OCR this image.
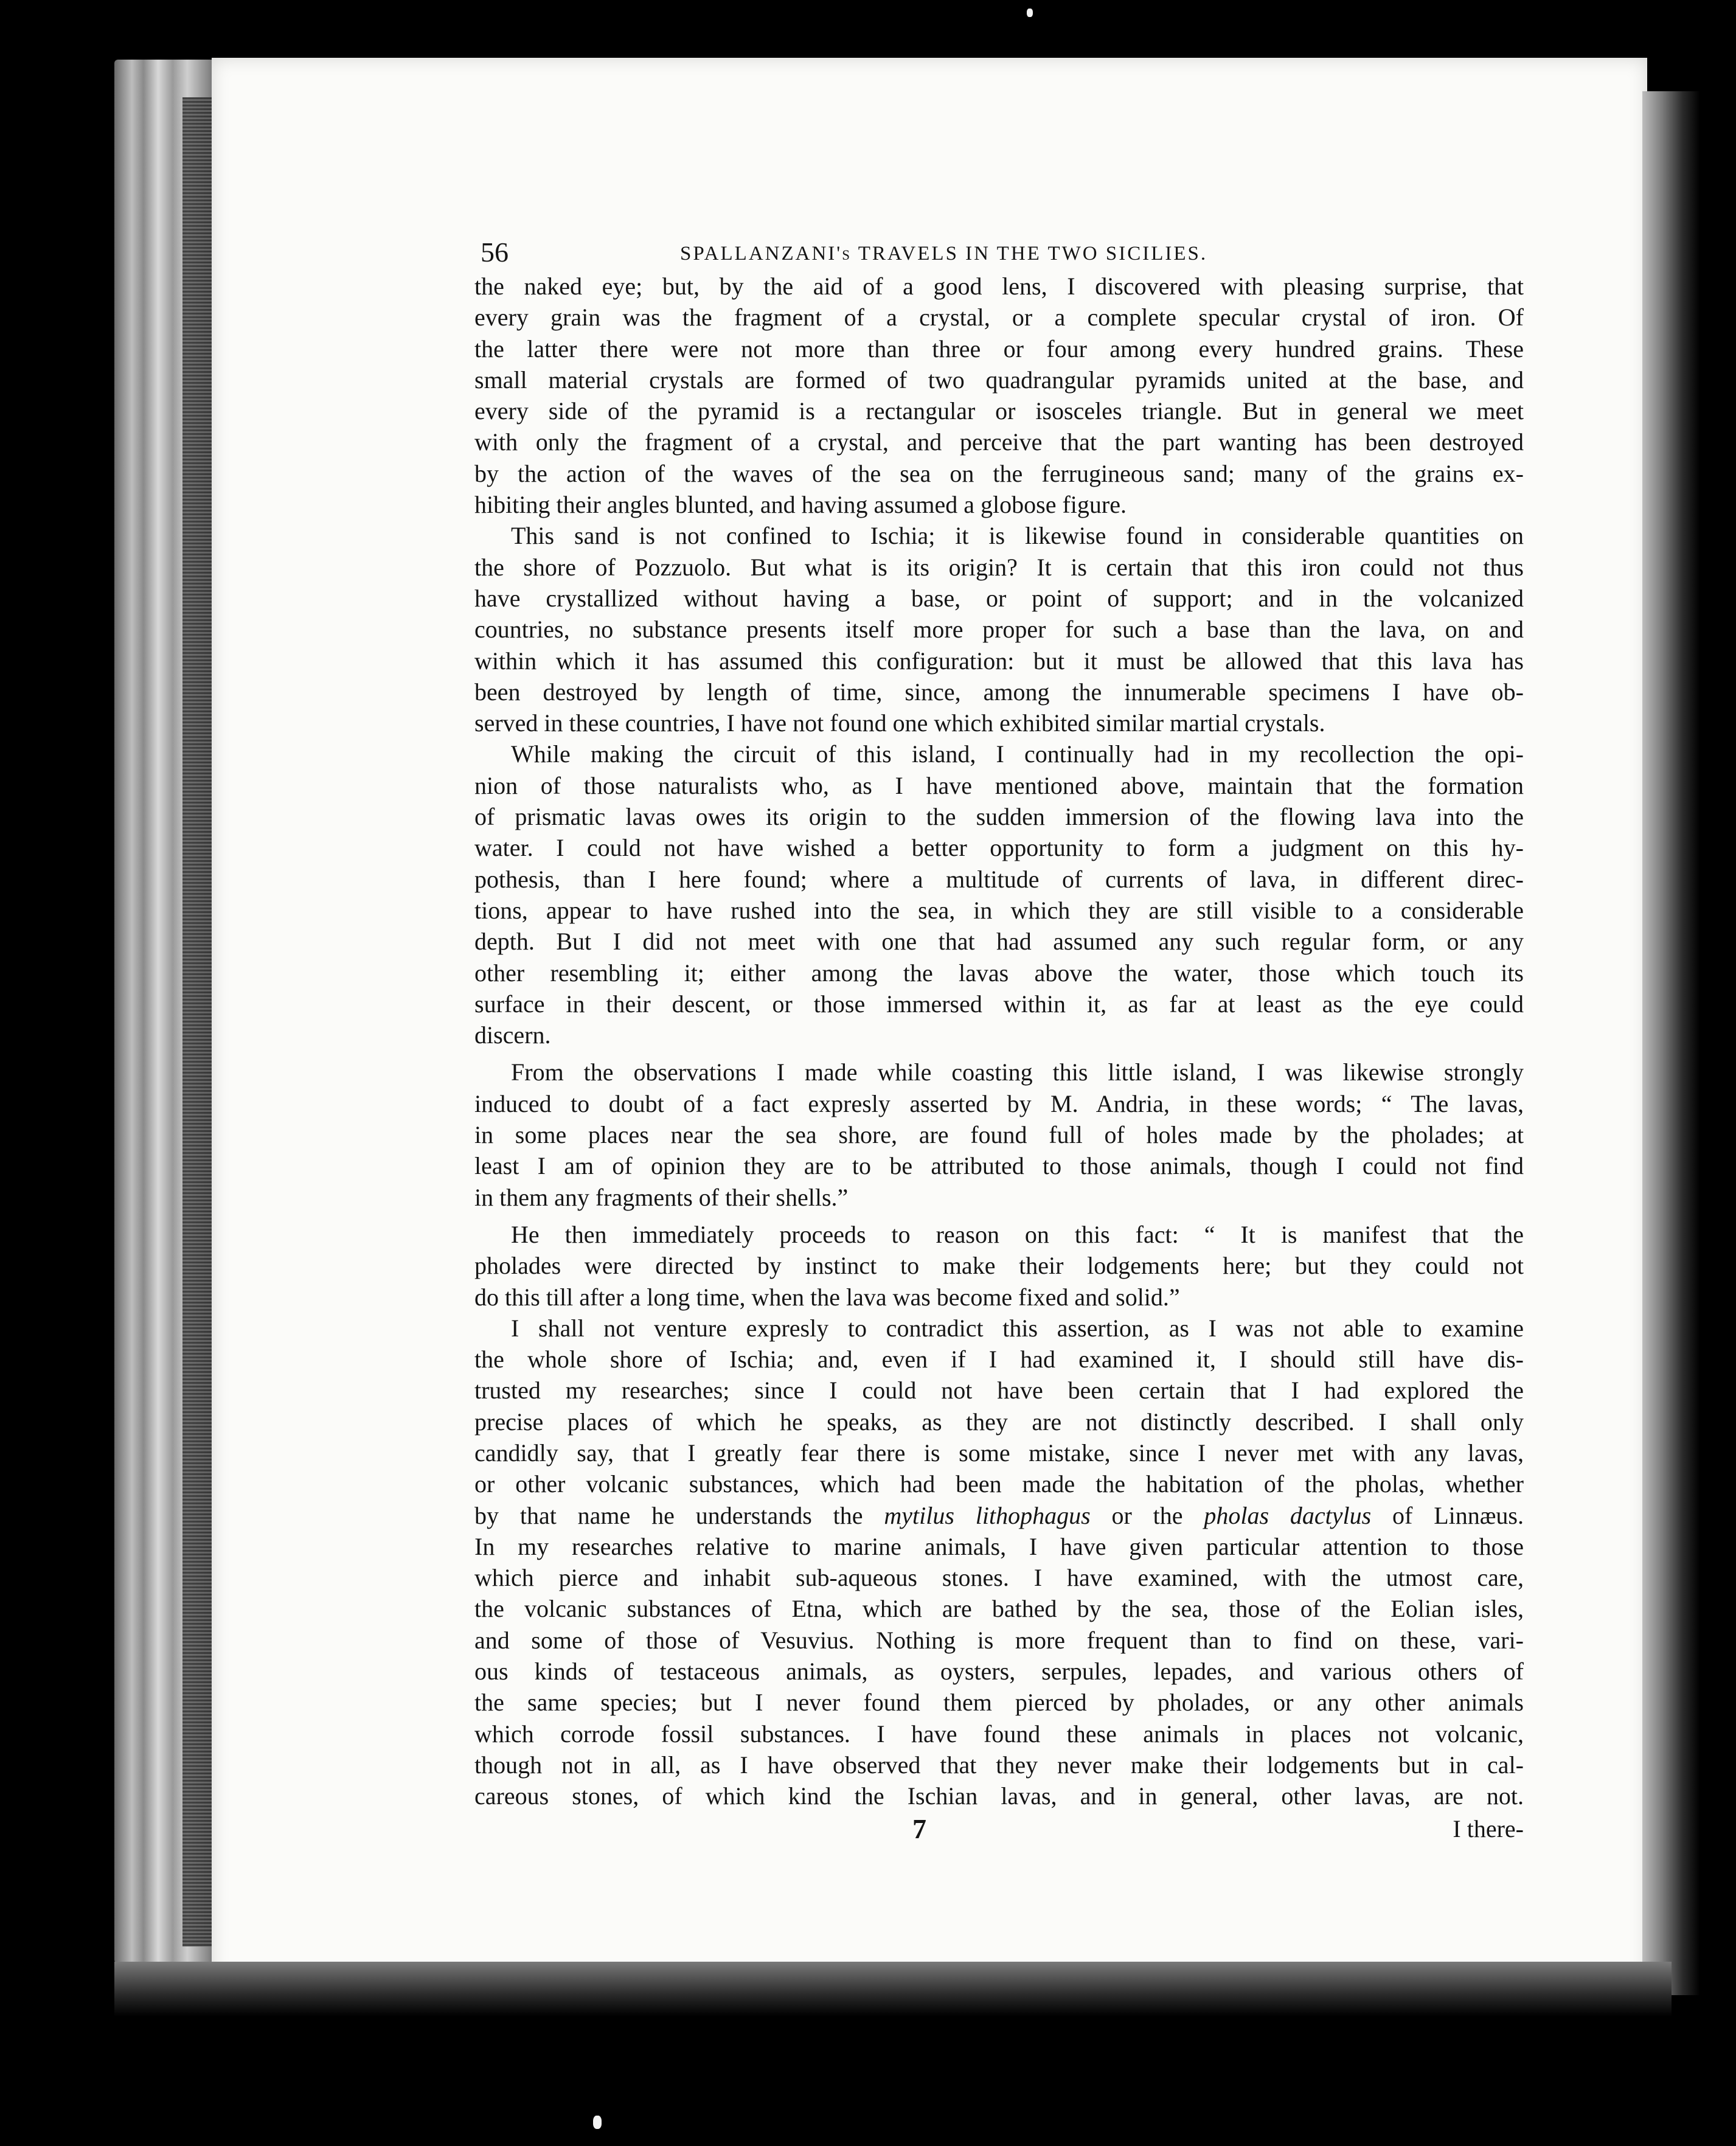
56	SPALLANZANI's TRAVELS IN THE TWO SICILIES.
the naked eye; but, by the aid of a good lens, I discovered with pleasing surprise, that
every grain was the fragment of a crystal, or a complete specular crystal of iron. Of
the latter there were not more than three or four among every hundred grains. These
small material crystals are formed of two quadrangular pyramids united at the base, and
every side of the pyramid is a rectangular or isosceles triangle. But in general we meet
with only the fragment of a crystal, and perceive that the part wanting has been destroyed
by the action of the waves of the sea on the ferrugineous sand; many of the grains ex-
hibiting their angles blunted, and having assumed a globose figure.
This sand is not confined to Ischia; it is likewise found in considerable quantities on
the shore of Pozzuolo. But what is its origin? It is certain that this iron could not thus
have crystallized without having a base, or point of support; and in the volcanized
countries, no substance presents itself more proper for such a base than the lava, on and
within which it has assumed this configuration: but it must be allowed that this lava has
been destroyed by length of time, since, among the innumerable specimens I have ob-
served in these countries, I have not found one which exhibited similar martial crystals.
While making the circuit of this island, I continually had in my recollection the opi-
nion of those naturalists who, as I have mentioned above, maintain that the formation
of prismatic lavas owes its origin to the sudden immersion of the flowing lava into the
water. I could not have wished a better opportunity to form a judgment on this hy-
pothesis, than I here found; where a multitude of currents of lava, in different direc-
tions, appear to have rushed into the sea, in which they are still visible to a considerable
depth. But I did not meet with one that had assumed any such regular form, or any
other resembling it; either among the lavas above the water, those which touch its
surface in their descent, or those immersed within it, as far at least as the eye could
discern.
From the observations I made while coasting this little island, I was likewise strongly
induced to doubt of a fact expresly asserted by M. Andria, in these words; “ The lavas,
in some places near the sea shore, are found full of holes made by the pholades; at
least I am of opinion they are to be attributed to those animals, though I could not find
in them any fragments of their shells.”
He then immediately proceeds to reason on this fact: “ It is manifest that the
pholades were directed by instinct to make their lodgements here; but they could not
do this till after a long time, when the lava was become fixed and solid.”
I shall not venture expresly to contradict this assertion, as I was not able to examine
the whole shore of Ischia; and, even if I had examined it, I should still have dis-
trusted my researches; since I could not have been certain that I had explored the
precise places of which he speaks, as they are not distinctly described. I shall only
candidly say, that I greatly fear there is some mistake, since I never met with any lavas,
or other volcanic substances, which had been made the habitation of the pholas, whether
by that name he understands the mytilus lithophagus or the pholas dactylus of Linnæus.
In my researches relative to marine animals, I have given particular attention to those
which pierce and inhabit sub-aqueous stones. I have examined, with the utmost care,
the volcanic substances of Etna, which are bathed by the sea, those of the Eolian isles,
and some of those of Vesuvius. Nothing is more frequent than to find on these, vari-
ous kinds of testaceous animals, as oysters, serpules, lepades, and various others of
the same species; but I never found them pierced by pholades, or any other animals
which corrode fossil substances. I have found these animals in places not volcanic,
though not in all, as I have observed that they never make their lodgements but in cal-
careous stones, of which kind the Ischian lavas, and in general, other lavas, are not.
7	I there-
